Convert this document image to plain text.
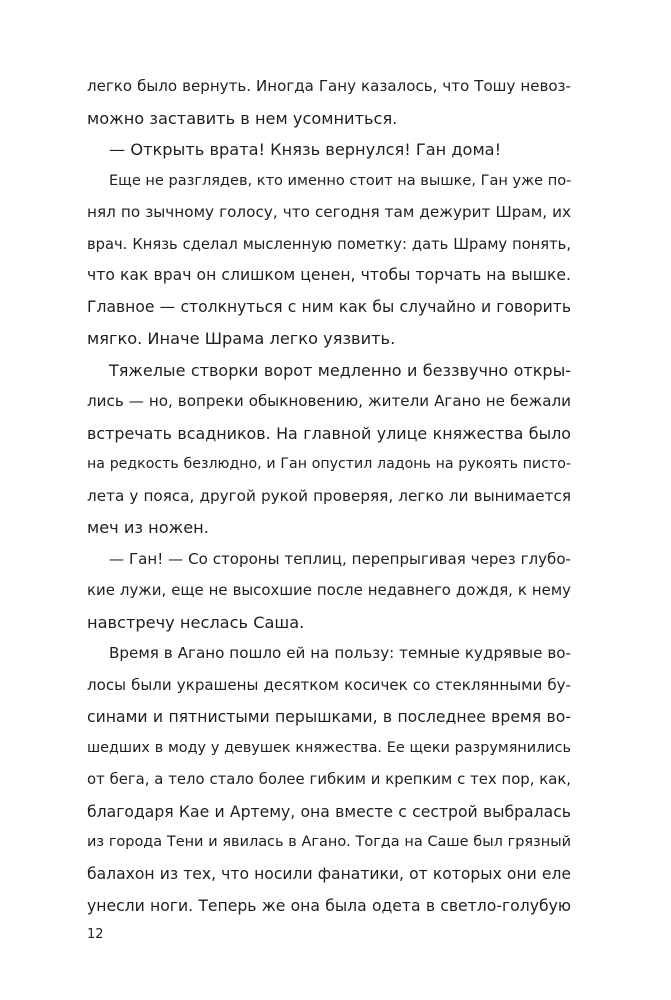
легко было вернуть. Иногда Гану казалось, что Тошу невоз-
можно заставить в нем усомниться.
— Открыть врата! Князь вернулся! Ган дома!
Еще не разглядев, кто именно стоит на вышке, Ган уже по-
нял по зычному голосу, что сегодня там дежурит Шрам, их
врач. Князь сделал мысленную пометку: дать Шраму понять,
что как врач он слишком ценен, чтобы торчать на вышке.
Главное — столкнуться с ним как бы случайно и говорить
мягко. Иначе Шрама легко уязвить.
Тяжелые створки ворот медленно и беззвучно откры-
лись — но, вопреки обыкновению, жители Агано не бежали
встречать всадников. На главной улице княжества было
на редкость безлюдно, и Ган опустил ладонь на рукоять писто-
лета у пояса, другой рукой проверяя, легко ли вынимается
меч из ножен.
— Ган! — Со стороны теплиц, перепрыгивая через глубо-
кие лужи, еще не высохшие после недавнего дождя, к нему
навстречу неслась Саша.
Время в Агано пошло ей на пользу: темные кудрявые во-
лосы были украшены десятком косичек со стеклянными бу-
синами и пятнистыми перышками, в последнее время во-
шедших в моду у девушек княжества. Ее щеки разрумянились
от бега, а тело стало более гибким и крепким с тех пор, как,
благодаря Кае и Артему, она вместе с сестрой выбралась
из города Тени и явилась в Агано. Тогда на Саше был грязный
балахон из тех, что носили фанатики, от которых они еле
унесли ноги. Теперь же она была одета в светло-голубую
12
